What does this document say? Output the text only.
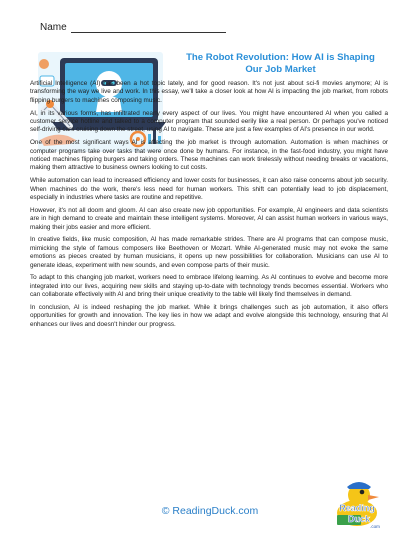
Name
The Robot Revolution: How AI is Shaping
Our Job Market

Artificial Intelligence (AI) has been a hot topic lately, and for good reason. It's not just about sci-fi movies anymore; AI is transforming the way we live and work. In this essay, we'll take a closer look at how AI is impacting the job market, from robots flipping burgers to machines composing music.

AI, in its various forms, has infiltrated nearly every aspect of our lives. You might have encountered AI when you called a customer service hotline and talked to a computer program that sounded eerily like a real person. Or perhaps you've noticed self-driving cars cruising down the street, using AI to navigate. These are just a few examples of AI's presence in our world.

One of the most significant ways AI is affecting the job market is through automation. Automation is when machines or computer programs take over tasks that were once done by humans. For instance, in the fast-food industry, you might have noticed machines flipping burgers and taking orders. These machines can work tirelessly without needing breaks or vacations, making them attractive to business owners looking to cut costs.

While automation can lead to increased efficiency and lower costs for businesses, it can also raise concerns about job security. When machines do the work, there's less need for human workers. This shift can potentially lead to job displacement, especially in industries where tasks are routine and repetitive.

However, it's not all doom and gloom. AI can also create new job opportunities. For example, AI engineers and data scientists are in high demand to create and maintain these intelligent systems. Moreover, AI can assist human workers in various ways, making their jobs easier and more efficient.

In creative fields, like music composition, AI has made remarkable strides. There are AI programs that can compose music, mimicking the style of famous composers like Beethoven or Mozart. While AI-generated music may not evoke the same emotions as pieces created by human musicians, it opens up new possibilities for collaboration. Musicians can use AI to generate ideas, experiment with new sounds, and even compose parts of their music.

To adapt to this changing job market, workers need to embrace lifelong learning. As AI continues to evolve and become more integrated into our lives, acquiring new skills and staying up-to-date with technology trends becomes essential. Workers who can collaborate effectively with AI and bring their unique creativity to the table will likely find themselves in demand.

In conclusion, AI is indeed reshaping the job market. While it brings challenges such as job automation, it also offers opportunities for growth and innovation. The key lies in how we adapt and evolve alongside this technology, ensuring that AI enhances our lives and doesn't hinder our progress.

© ReadingDuck.com	Reading
Duck
.com
